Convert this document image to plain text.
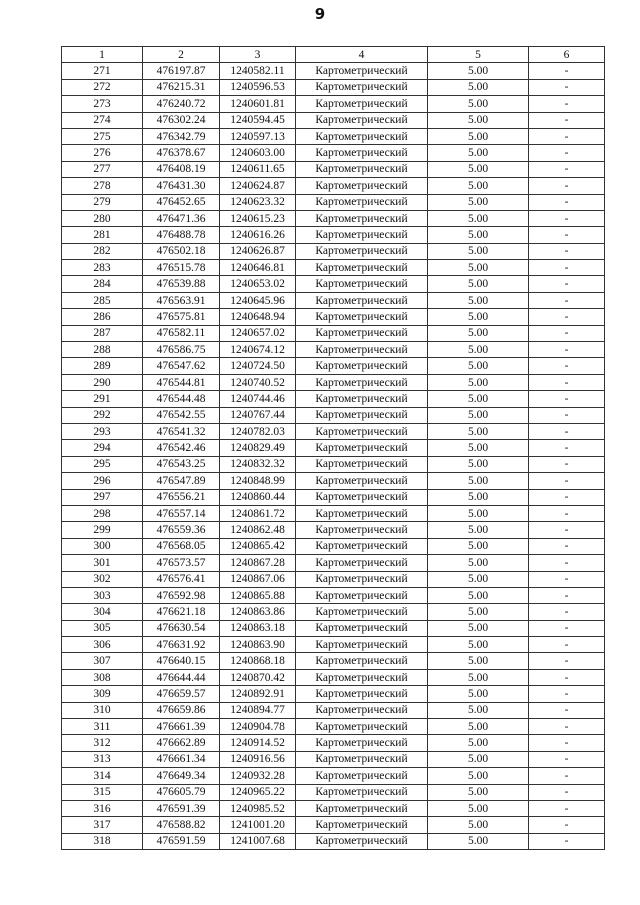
9
1	2	3	4	5	6
271	476197.87	1240582.11	Картометрический	5.00	-
272	476215.31	1240596.53	Картометрический	5.00	-
273	476240.72	1240601.81	Картометрический	5.00	-
274	476302.24	1240594.45	Картометрический	5.00	-
275	476342.79	1240597.13	Картометрический	5.00	-
276	476378.67	1240603.00	Картометрический	5.00	-
277	476408.19	1240611.65	Картометрический	5.00	-
278	476431.30	1240624.87	Картометрический	5.00	-
279	476452.65	1240623.32	Картометрический	5.00	-
280	476471.36	1240615.23	Картометрический	5.00	-
281	476488.78	1240616.26	Картометрический	5.00	-
282	476502.18	1240626.87	Картометрический	5.00	-
283	476515.78	1240646.81	Картометрический	5.00	-
284	476539.88	1240653.02	Картометрический	5.00	-
285	476563.91	1240645.96	Картометрический	5.00	-
286	476575.81	1240648.94	Картометрический	5.00	-
287	476582.11	1240657.02	Картометрический	5.00	-
288	476586.75	1240674.12	Картометрический	5.00	-
289	476547.62	1240724.50	Картометрический	5.00	-
290	476544.81	1240740.52	Картометрический	5.00	-
291	476544.48	1240744.46	Картометрический	5.00	-
292	476542.55	1240767.44	Картометрический	5.00	-
293	476541.32	1240782.03	Картометрический	5.00	-
294	476542.46	1240829.49	Картометрический	5.00	-
295	476543.25	1240832.32	Картометрический	5.00	-
296	476547.89	1240848.99	Картометрический	5.00	-
297	476556.21	1240860.44	Картометрический	5.00	-
298	476557.14	1240861.72	Картометрический	5.00	-
299	476559.36	1240862.48	Картометрический	5.00	-
300	476568.05	1240865.42	Картометрический	5.00	-
301	476573.57	1240867.28	Картометрический	5.00	-
302	476576.41	1240867.06	Картометрический	5.00	-
303	476592.98	1240865.88	Картометрический	5.00	-
304	476621.18	1240863.86	Картометрический	5.00	-
305	476630.54	1240863.18	Картометрический	5.00	-
306	476631.92	1240863.90	Картометрический	5.00	-
307	476640.15	1240868.18	Картометрический	5.00	-
308	476644.44	1240870.42	Картометрический	5.00	-
309	476659.57	1240892.91	Картометрический	5.00	-
310	476659.86	1240894.77	Картометрический	5.00	-
311	476661.39	1240904.78	Картометрический	5.00	-
312	476662.89	1240914.52	Картометрический	5.00	-
313	476661.34	1240916.56	Картометрический	5.00	-
314	476649.34	1240932.28	Картометрический	5.00	-
315	476605.79	1240965.22	Картометрический	5.00	-
316	476591.39	1240985.52	Картометрический	5.00	-
317	476588.82	1241001.20	Картометрический	5.00	-
318	476591.59	1241007.68	Картометрический	5.00	-
